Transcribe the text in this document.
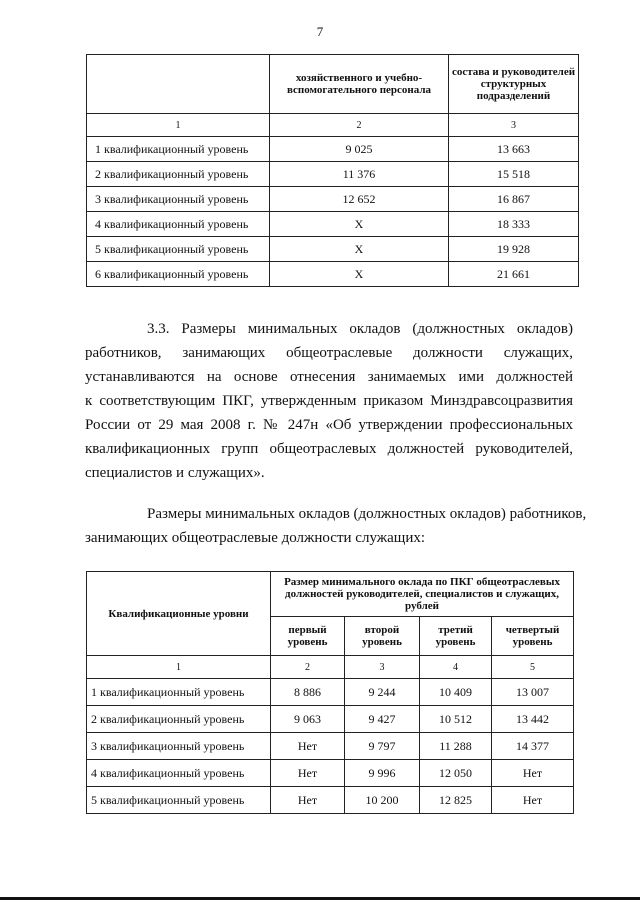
7
	хозяйственного и учебно-вспомогательного персонала	состава и руководителей структурных подразделений
1	2	3
1 квалификационный уровень	9 025	13 663
2 квалификационный уровень	11 376	15 518
3 квалификационный уровень	12 652	16 867
4 квалификационный уровень	X	18 333
5 квалификационный уровень	X	19 928
6 квалификационный уровень	X	21 661
3.3. Размеры минимальных окладов (должностных окладов)
работников, занимающих общеотраслевые должности служащих,
устанавливаются на основе отнесения занимаемых ими должностей
к соответствующим ПКГ, утвержденным приказом Минздравсоцразвития
России от 29 мая 2008 г. № 247н «Об утверждении профессиональных
квалификационных групп общеотраслевых должностей руководителей,
специалистов и служащих».
Размеры минимальных окладов (должностных окладов) работников,
занимающих общеотраслевые должности служащих:
Квалификационные уровни	Размер минимального оклада по ПКГ общеотраслевых должностей руководителей, специалистов и служащих, рублей			
	первый уровень	второй уровень	третий уровень	четвертый уровень
1	2	3	4	5
1 квалификационный уровень	8 886	9 244	10 409	13 007
2 квалификационный уровень	9 063	9 427	10 512	13 442
3 квалификационный уровень	Нет	9 797	11 288	14 377
4 квалификационный уровень	Нет	9 996	12 050	Нет
5 квалификационный уровень	Нет	10 200	12 825	Нет
